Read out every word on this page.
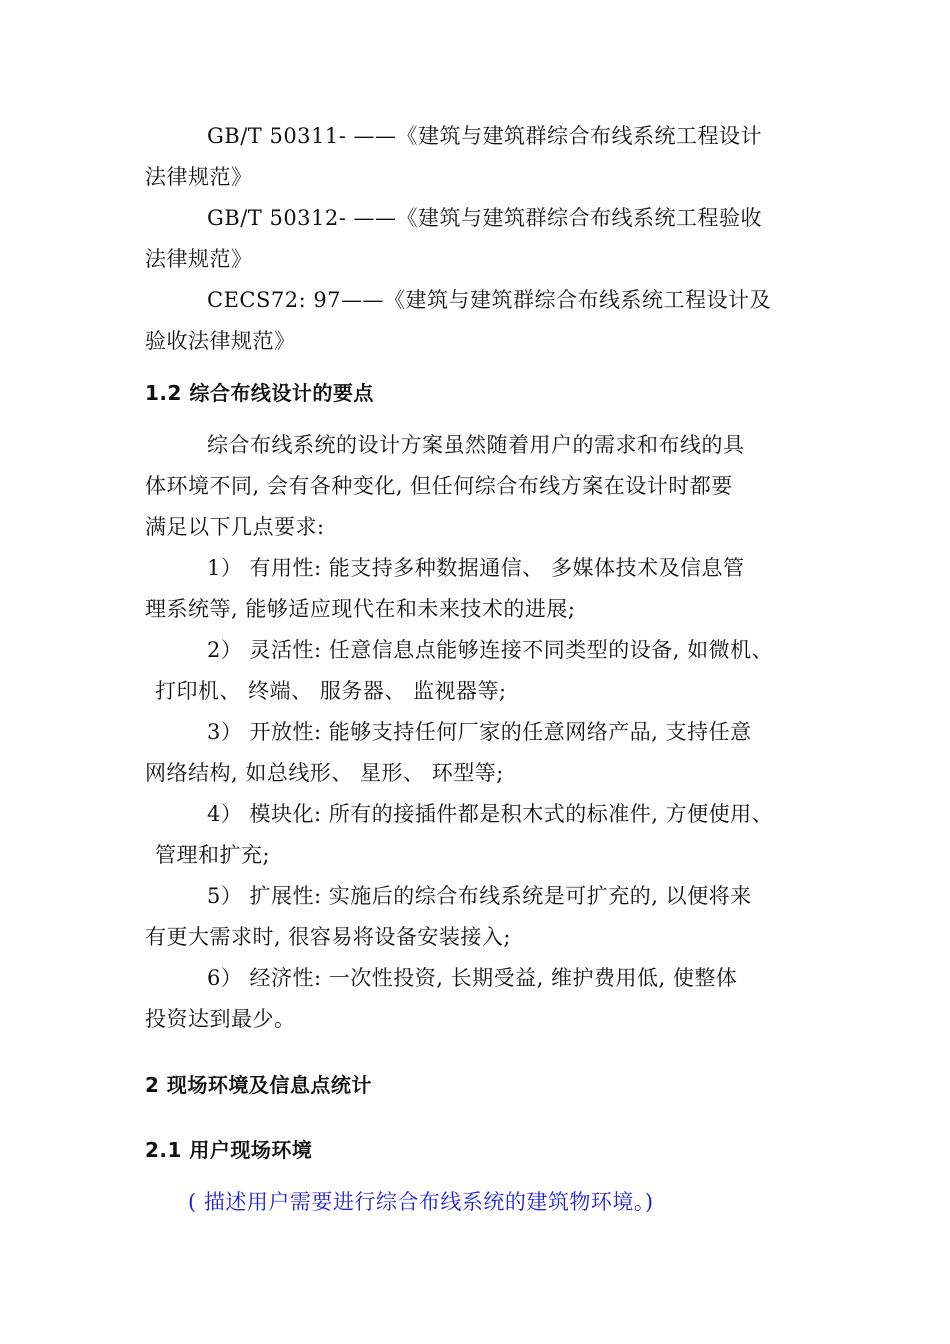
GB/T 50311- ——《建筑与建筑群综合布线系统工程设计
法律规范》
GB/T 50312- ——《建筑与建筑群综合布线系统工程验收
法律规范》
CECS72: 97——《建筑与建筑群综合布线系统工程设计及
验收法律规范》
1.2 综合布线设计的要点
综合布线系统的设计方案虽然随着用户的需求和布线的具
体环境不同, 会有各种变化, 但任何综合布线方案在设计时都要
满足以下几点要求:
1） 有用性: 能支持多种数据通信、 多媒体技术及信息管
理系统等, 能够适应现代在和未来技术的进展;
2） 灵活性: 任意信息点能够连接不同类型的设备, 如微机、
打印机、 终端、 服务器、 监视器等;
3） 开放性: 能够支持任何厂家的任意网络产品, 支持任意
网络结构, 如总线形、 星形、 环型等;
4） 模块化: 所有的接插件都是积木式的标准件, 方便使用、
管理和扩充;
5） 扩展性: 实施后的综合布线系统是可扩充的, 以便将来
有更大需求时, 很容易将设备安装接入;
6） 经济性: 一次性投资, 长期受益, 维护费用低, 使整体
投资达到最少。
2 现场环境及信息点统计
2.1 用户现场环境
( 描述用户需要进行综合布线系统的建筑物环境。)
